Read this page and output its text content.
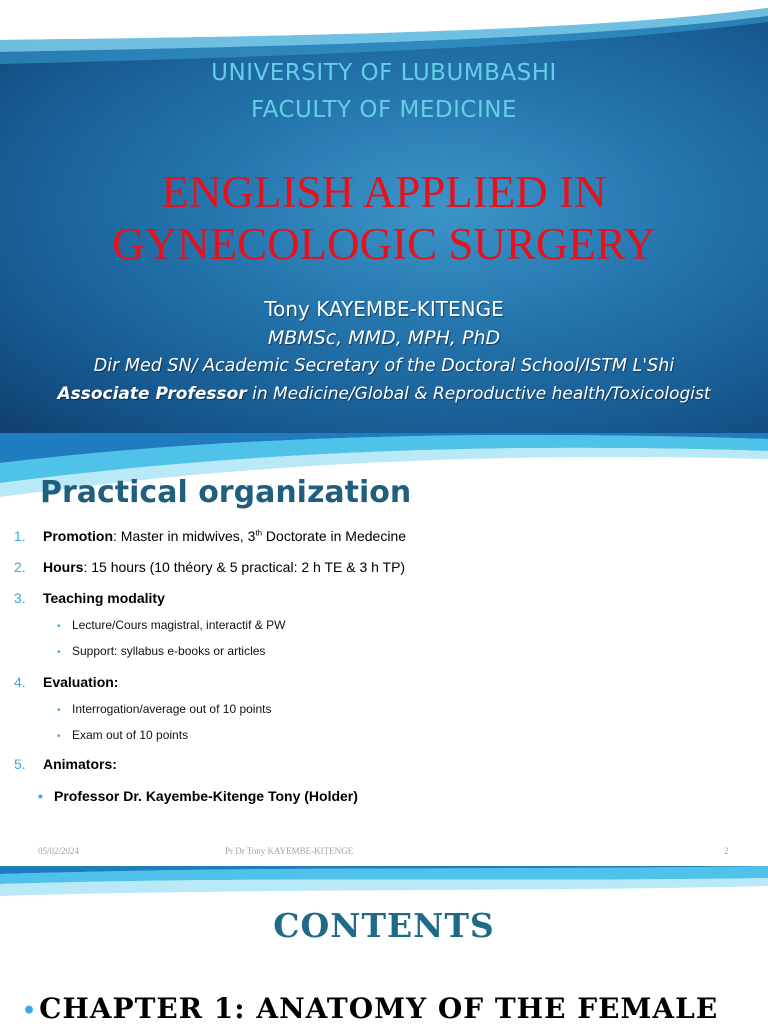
UNIVERSITY OF LUBUMBASHI
FACULTY OF MEDICINE
ENGLISH APPLIED IN
GYNECOLOGIC SURGERY
Tony KAYEMBE-KITENGE
MBMSc, MMD, MPH, PhD
Dir Med SN/ Academic Secretary of the Doctoral School/ISTM L'Shi
Associate Professor in Medicine/Global & Reproductive health/Toxicologist
Practical organization
1. Promotion: Master in midwives, 3th Doctorate in Medecine
2. Hours: 15 hours (10 théory & 5 practical: 2 h TE & 3 h TP)
3. Teaching modality
• Lecture/Cours magistral, interactif & PW
• Support: syllabus e-books or articles
4. Evaluation:
• Interrogation/average out of 10 points
• Exam out of 10 points
5. Animators:
• Professor Dr. Kayembe-Kitenge Tony (Holder)
05/02/2024	Pr Dr Tony KAYEMBE-KITENGE	2
CONTENTS
•CHAPTER 1: ANATOMY OF THE FEMALE
